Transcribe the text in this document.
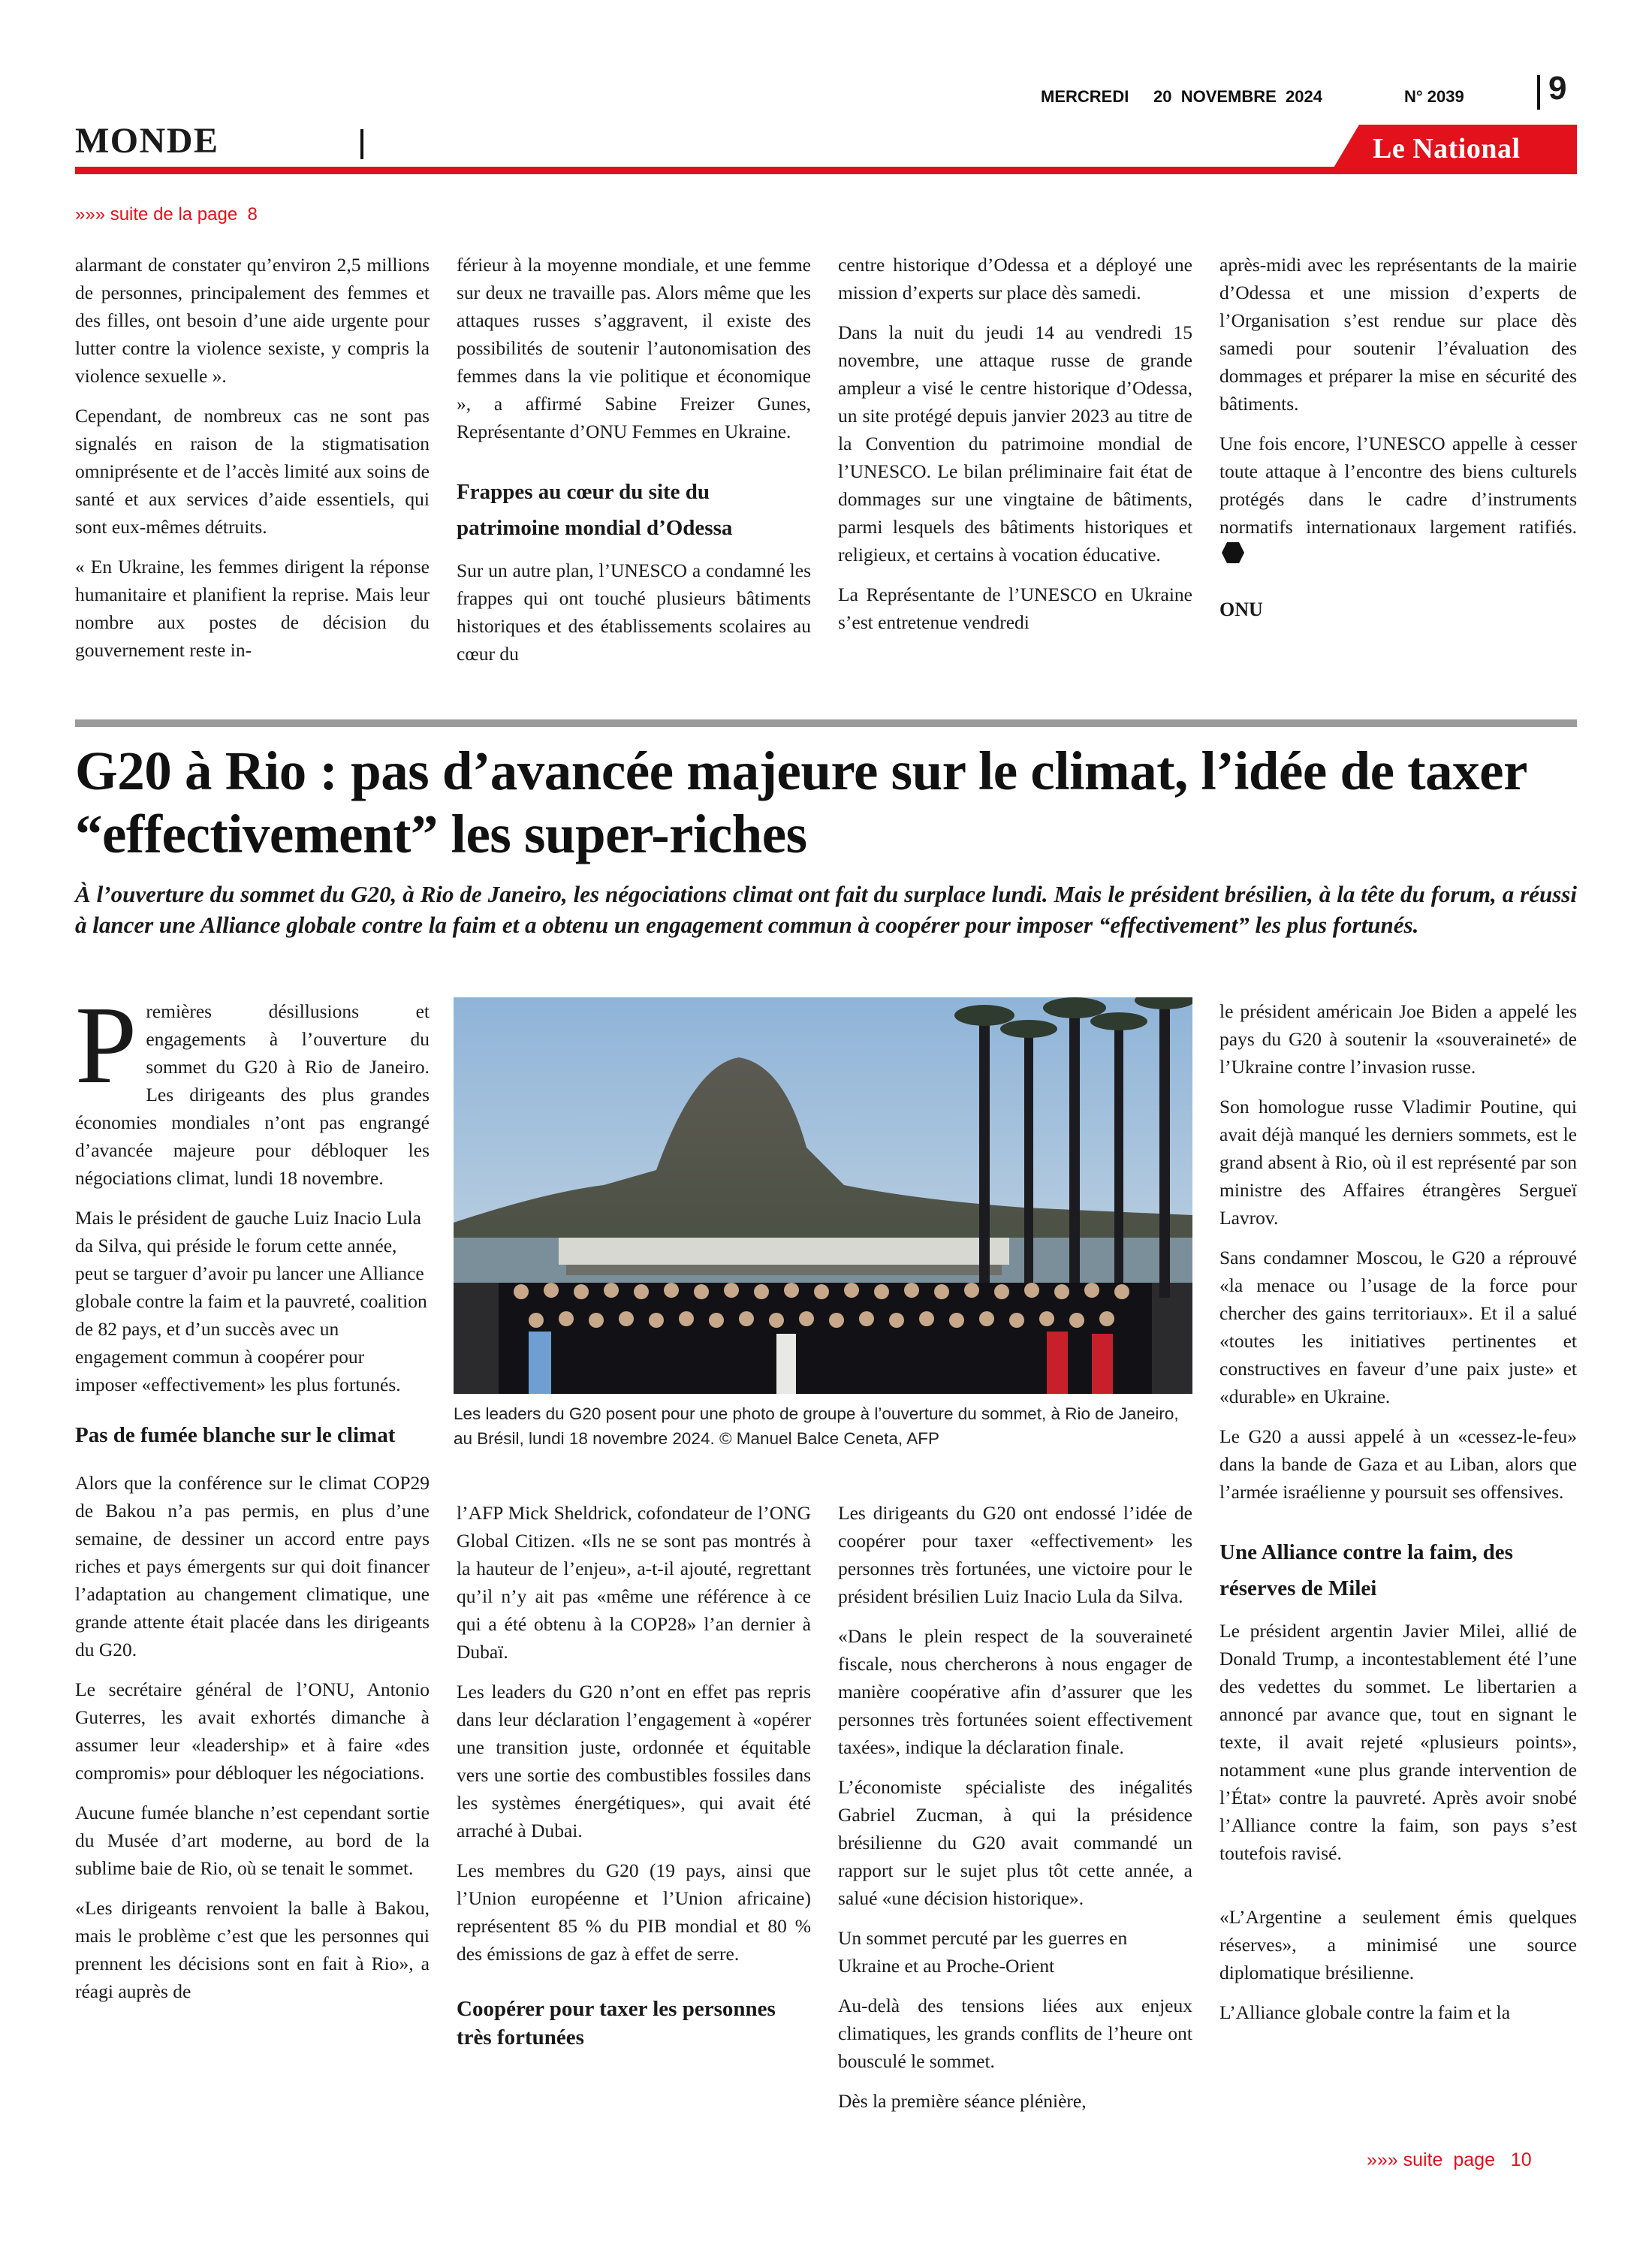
MERCREDI 20  NOVEMBRE  2024	N° 2039	9
MONDE	Le National
»»» suite de la page  8

alarmant de constater qu’environ 2,5 millions de personnes, principalement des femmes et des filles, ont besoin d’une aide urgente pour lutter contre la violence sexiste, y compris la violence sexuelle ».

Cependant, de nombreux cas ne sont pas signalés en raison de la stigmatisation omniprésente et de l’accès limité aux soins de santé et aux services d’aide essentiels, qui sont eux-mêmes détruits.

« En Ukraine, les femmes dirigent la réponse humanitaire et planifient la reprise. Mais leur nombre aux postes de décision du gouvernement reste in-

férieur à la moyenne mondiale, et une femme sur deux ne travaille pas. Alors même que les attaques russes s’aggravent, il existe des possibilités de soutenir l’autonomisation des femmes dans la vie politique et économique », a affirmé Sabine Freizer Gunes, Représentante d’ONU Femmes en Ukraine.

Frappes au cœur du site du patrimoine mondial d’Odessa

Sur un autre plan, l’UNESCO a condamné les frappes qui ont touché plusieurs bâtiments historiques et des établissements scolaires au cœur du

centre historique d’Odessa et a déployé une mission d’experts sur place dès samedi.

Dans la nuit du jeudi 14 au vendredi 15 novembre, une attaque russe de grande ampleur a visé le centre historique d’Odessa, un site protégé depuis janvier 2023 au titre de la Convention du patrimoine mondial de l’UNESCO. Le bilan préliminaire fait état de dommages sur une vingtaine de bâtiments, parmi lesquels des bâtiments historiques et religieux, et certains à vocation éducative.

La Représentante de l’UNESCO en Ukraine s’est entretenue vendredi

après-midi avec les représentants de la mairie d’Odessa et une mission d’experts de l’Organisation s’est rendue sur place dès samedi pour soutenir l’évaluation des dommages et préparer la mise en sécurité des bâtiments.

Une fois encore, l’UNESCO appelle à cesser toute attaque à l’encontre des biens culturels protégés dans le cadre d’instruments normatifs internationaux largement ratifiés.

ONU
G20 à Rio : pas d’avancée majeure sur le climat, l’idée de taxer “effectivement” les super-riches
À l’ouverture du sommet du G20, à Rio de Janeiro, les négociations climat ont fait du surplace lundi. Mais le président brésilien, à la tête du forum, a réussi à lancer une Alliance globale contre la faim et a obtenu un engagement commun à coopérer pour imposer “effectivement” les plus fortunés.

Premières désillusions et engagements à l’ouverture du sommet du G20 à Rio de Janeiro. Les dirigeants des plus grandes économies mondiales n’ont pas engrangé d’avancée majeure pour débloquer les négociations climat, lundi 18 novembre.

Mais le président de gauche Luiz Inacio Lula da Silva, qui préside le forum cette année, peut se targuer d’avoir pu lancer une Alliance globale contre la faim et la pauvreté, coalition de 82 pays, et d’un succès avec un engagement commun à coopérer pour imposer «effectivement» les plus fortunés.

Pas de fumée blanche sur le climat

Alors que la conférence sur le climat COP29 de Bakou n’a pas permis, en plus d’une semaine, de dessiner un accord entre pays riches et pays émergents sur qui doit financer l’adaptation au changement climatique, une grande attente était placée dans les dirigeants du G20.

Le secrétaire général de l’ONU, Antonio Guterres, les avait exhortés dimanche à assumer leur «leadership» et à faire «des compromis» pour débloquer les négociations.

Aucune fumée blanche n’est cependant sortie du Musée d’art moderne, au bord de la sublime baie de Rio, où se tenait le sommet.

«Les dirigeants renvoient la balle à Bakou, mais le problème c’est que les personnes qui prennent les décisions sont en fait à Rio», a réagi auprès de

Les leaders du G20 posent pour une photo de groupe à l’ouverture du sommet, à Rio de Janeiro, au Brésil, lundi 18 novembre 2024. © Manuel Balce Ceneta, AFP

l’AFP Mick Sheldrick, cofondateur de l’ONG Global Citizen. «Ils ne se sont pas montrés à la hauteur de l’enjeu», a-t-il ajouté, regrettant qu’il n’y ait pas «même une référence à ce qui a été obtenu à la COP28» l’an dernier à Dubaï.

Les leaders du G20 n’ont en effet pas repris dans leur déclaration l’engagement à «opérer une transition juste, ordonnée et équitable vers une sortie des combustibles fossiles dans les systèmes énergétiques», qui avait été arraché à Dubai.

Les membres du G20 (19 pays, ainsi que l’Union européenne et l’Union africaine) représentent 85 % du PIB mondial et 80 % des émissions de gaz à effet de serre.

Coopérer pour taxer les personnes très fortunées

Les dirigeants du G20 ont endossé l’idée de coopérer pour taxer «effectivement» les personnes très fortunées, une victoire pour le président brésilien Luiz Inacio Lula da Silva.

«Dans le plein respect de la souveraineté fiscale, nous chercherons à nous engager de manière coopérative afin d’assurer que les personnes très fortunées soient effectivement taxées», indique la déclaration finale.

L’économiste spécialiste des inégalités Gabriel Zucman, à qui la présidence brésilienne du G20 avait commandé un rapport sur le sujet plus tôt cette année, a salué «une décision historique».

Un sommet percuté par les guerres en Ukraine et au Proche-Orient

Au-delà des tensions liées aux enjeux climatiques, les grands conflits de l’heure ont bousculé le sommet.

Dès la première séance plénière,

le président américain Joe Biden a appelé les pays du G20 à soutenir la «souveraineté» de l’Ukraine contre l’invasion russe.

Son homologue russe Vladimir Poutine, qui avait déjà manqué les derniers sommets, est le grand absent à Rio, où il est représenté par son ministre des Affaires étrangères Sergueï Lavrov.

Sans condamner Moscou, le G20 a réprouvé «la menace ou l’usage de la force pour chercher des gains territoriaux». Et il a salué «toutes les initiatives pertinentes et constructives en faveur d’une paix juste» et «durable» en Ukraine.

Le G20 a aussi appelé à un «cessez-le-feu» dans la bande de Gaza et au Liban, alors que l’armée israélienne y poursuit ses offensives.

Une Alliance contre la faim, des réserves de Milei

Le président argentin Javier Milei, allié de Donald Trump, a incontestablement été l’une des vedettes du sommet. Le libertarien a annoncé par avance que, tout en signant le texte, il avait rejeté «plusieurs points», notamment «une plus grande intervention de l’État» contre la pauvreté. Après avoir snobé l’Alliance contre la faim, son pays s’est toutefois ravisé.

«L’Argentine a seulement émis quelques réserves», a minimisé une source diplomatique brésilienne.

L’Alliance globale contre la faim et la

»»» suite  page   10
